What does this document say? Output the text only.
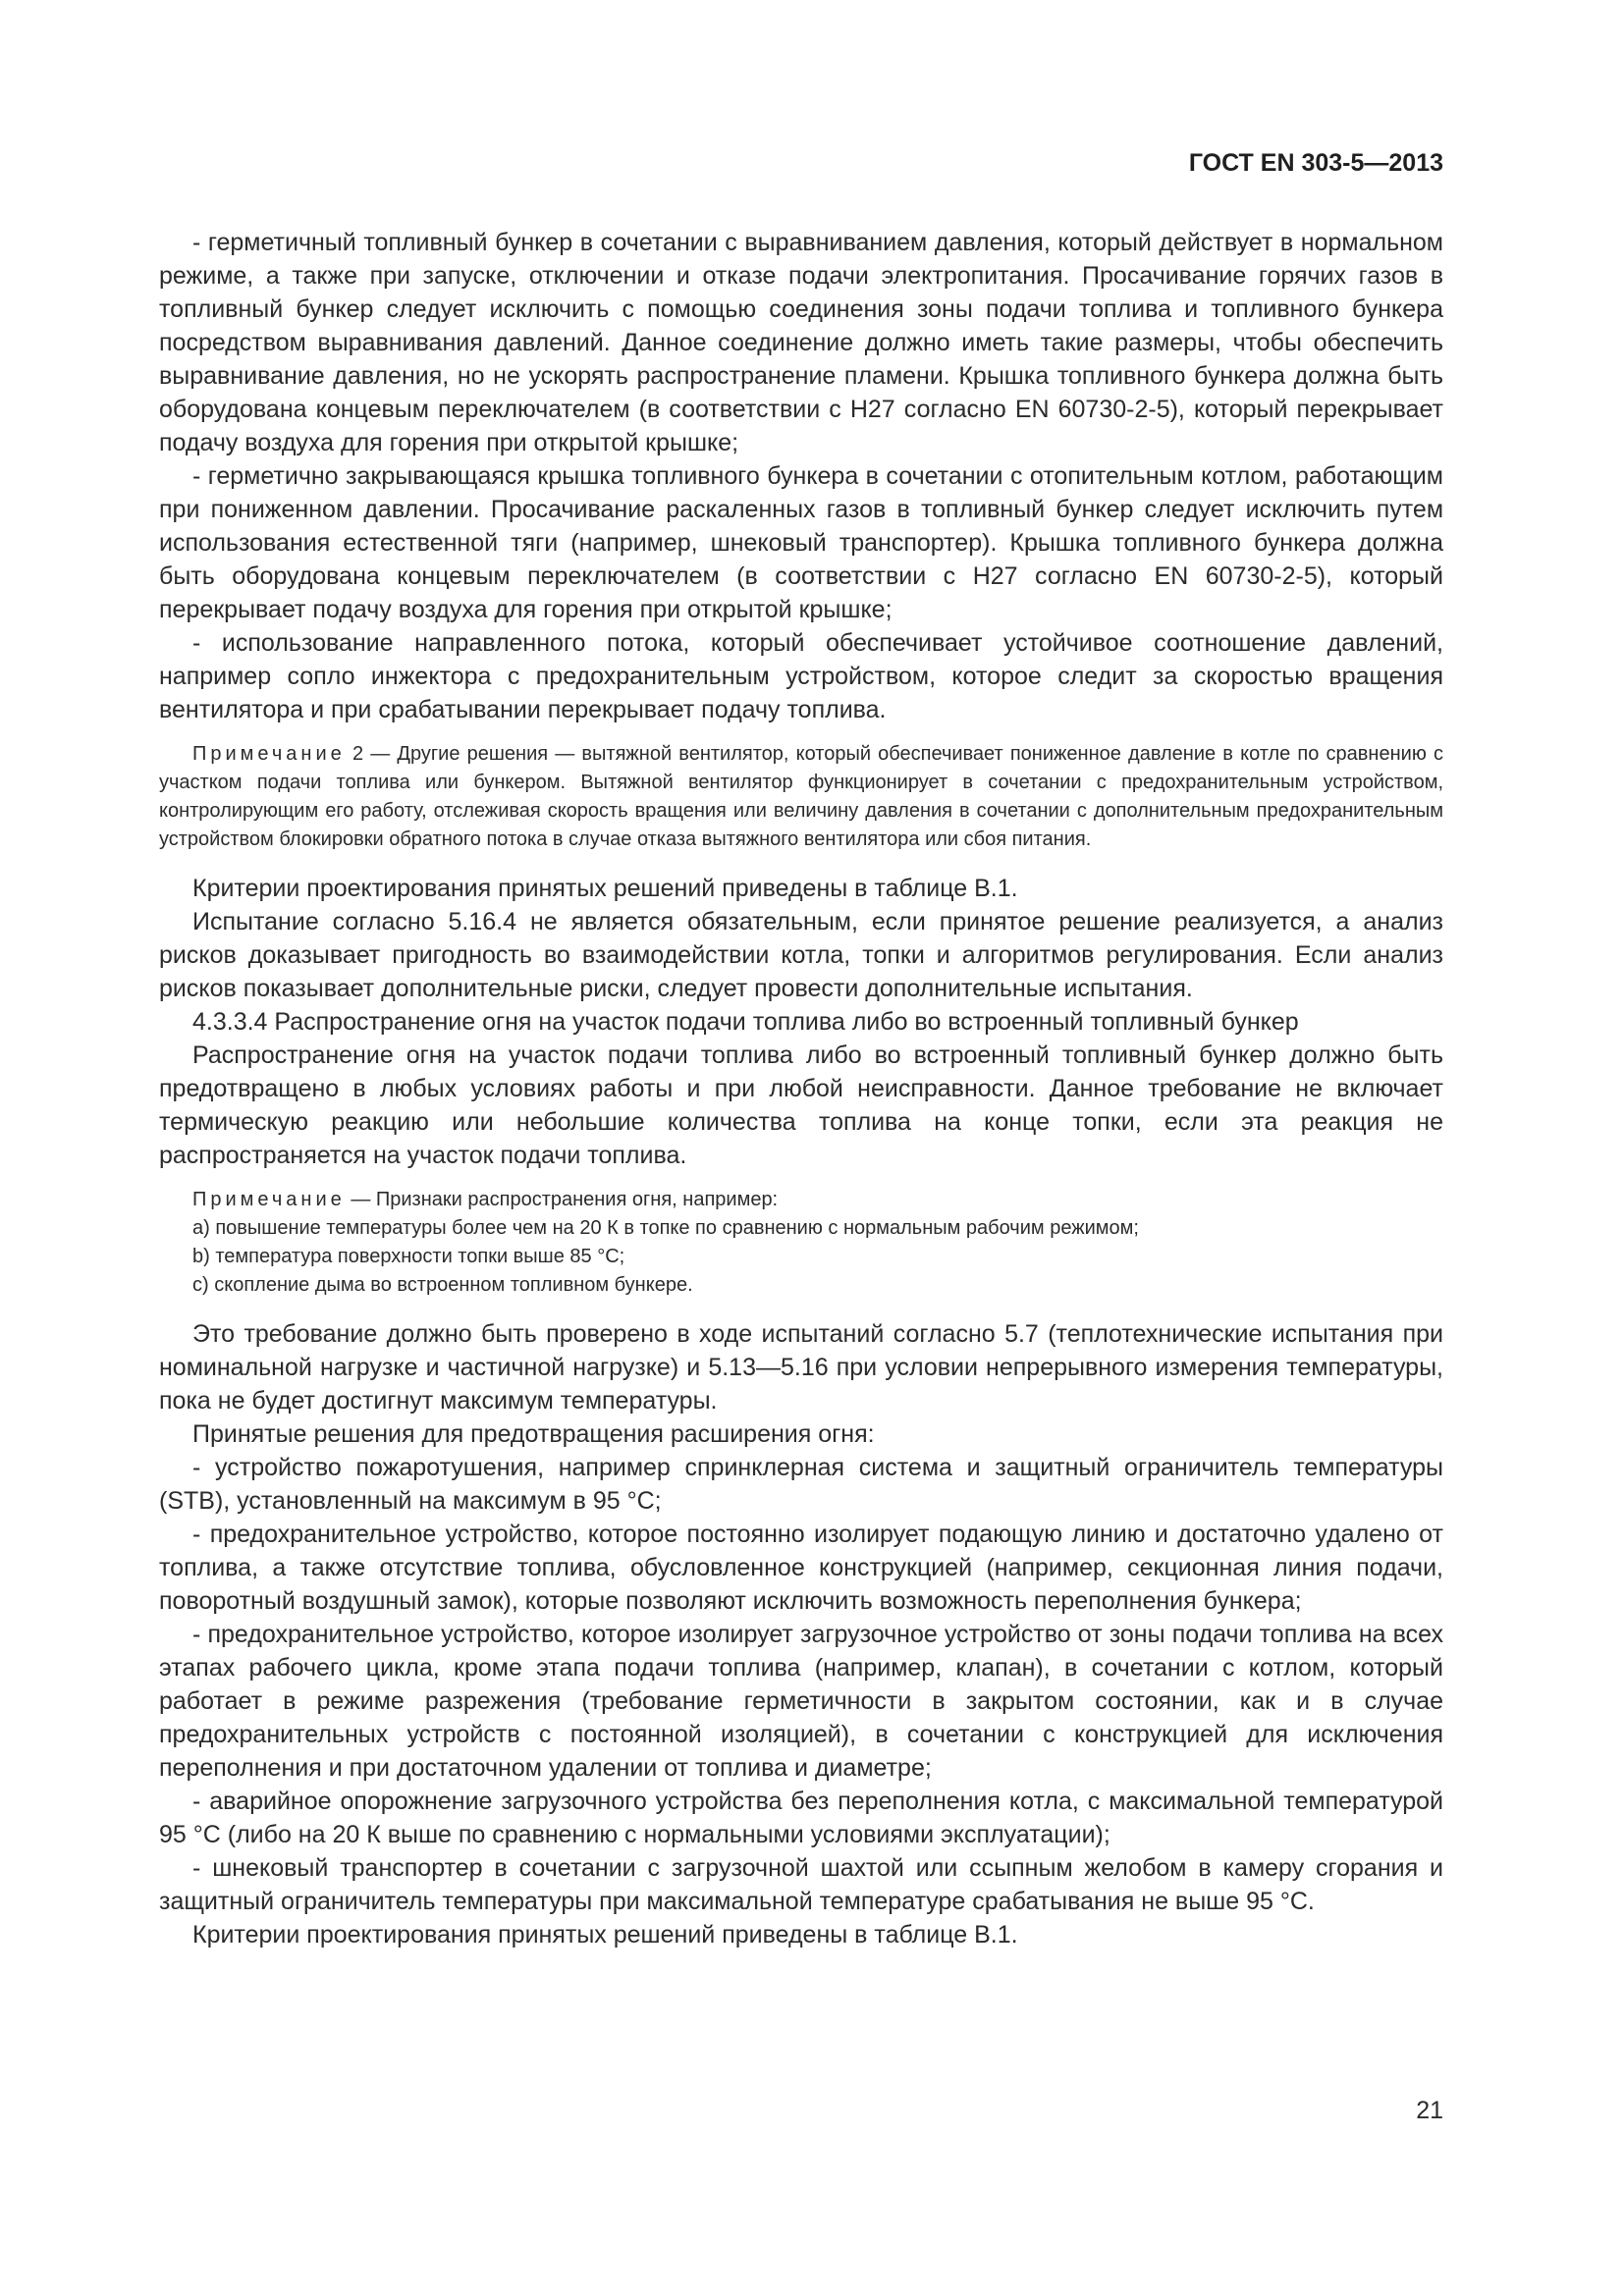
ГОСТ EN 303-5—2013

- герметичный топливный бункер в сочетании с выравниванием давления, который действует в нормальном режиме, а также при запуске, отключении и отказе подачи электропитания. Просачивание горячих газов в топливный бункер следует исключить с помощью соединения зоны подачи топлива и топливного бункера посредством выравнивания давлений. Данное соединение должно иметь такие размеры, чтобы обеспечить выравнивание давления, но не ускорять распространение пламени. Крышка топливного бункера должна быть оборудована концевым переключателем (в соответствии с Н27 согласно EN 60730-2-5), который перекрывает подачу воздуха для горения при открытой крышке;

- герметично закрывающаяся крышка топливного бункера в сочетании с отопительным котлом, работающим при пониженном давлении. Просачивание раскаленных газов в топливный бункер следует исключить путем использования естественной тяги (например, шнековый транспортер). Крышка топливного бункера должна быть оборудована концевым переключателем (в соответствии с Н27 согласно EN 60730-2-5), который перекрывает подачу воздуха для горения при открытой крышке;

- использование направленного потока, который обеспечивает устойчивое соотношение давлений, например сопло инжектора с предохранительным устройством, которое следит за скоростью вращения вентилятора и при срабатывании перекрывает подачу топлива.

Примечание 2 — Другие решения — вытяжной вентилятор, который обеспечивает пониженное давление в котле по сравнению с участком подачи топлива или бункером. Вытяжной вентилятор функционирует в сочетании с предохранительным устройством, контролирующим его работу, отслеживая скорость вращения или величину давления в сочетании с дополнительным предохранительным устройством блокировки обратного потока в случае отказа вытяжного вентилятора или сбоя питания.

Критерии проектирования принятых решений приведены в таблице В.1.

Испытание согласно 5.16.4 не является обязательным, если принятое решение реализуется, а анализ рисков доказывает пригодность во взаимодействии котла, топки и алгоритмов регулирования. Если анализ рисков показывает дополнительные риски, следует провести дополнительные испытания.

4.3.3.4 Распространение огня на участок подачи топлива либо во встроенный топливный бункер

Распространение огня на участок подачи топлива либо во встроенный топливный бункер должно быть предотвращено в любых условиях работы и при любой неисправности. Данное требование не включает термическую реакцию или небольшие количества топлива на конце топки, если эта реакция не распространяется на участок подачи топлива.

Примечание — Признаки распространения огня, например:

а) повышение температуры более чем на 20 К в топке по сравнению с нормальным рабочим режимом;

b) температура поверхности топки выше 85 °С;

с) скопление дыма во встроенном топливном бункере.

Это требование должно быть проверено в ходе испытаний согласно 5.7 (теплотехнические испытания при номинальной нагрузке и частичной нагрузке) и 5.13—5.16 при условии непрерывного измерения температуры, пока не будет достигнут максимум температуры.

Принятые решения для предотвращения расширения огня:

- устройство пожаротушения, например спринклерная система и защитный ограничитель температуры (STB), установленный на максимум в 95 °С;

- предохранительное устройство, которое постоянно изолирует подающую линию и достаточно удалено от топлива, а также отсутствие топлива, обусловленное конструкцией (например, секционная линия подачи, поворотный воздушный замок), которые позволяют исключить возможность переполнения бункера;

- предохранительное устройство, которое изолирует загрузочное устройство от зоны подачи топлива на всех этапах рабочего цикла, кроме этапа подачи топлива (например, клапан), в сочетании с котлом, который работает в режиме разрежения (требование герметичности в закрытом состоянии, как и в случае предохранительных устройств с постоянной изоляцией), в сочетании с конструкцией для исключения переполнения и при достаточном удалении от топлива и диаметре;

- аварийное опорожнение загрузочного устройства без переполнения котла, с максимальной температурой 95 °С (либо на 20 К выше по сравнению с нормальными условиями эксплуатации);

- шнековый транспортер в сочетании с загрузочной шахтой или ссыпным желобом в камеру сгорания и защитный ограничитель температуры при максимальной температуре срабатывания не выше 95 °С.

Критерии проектирования принятых решений приведены в таблице В.1.

21
